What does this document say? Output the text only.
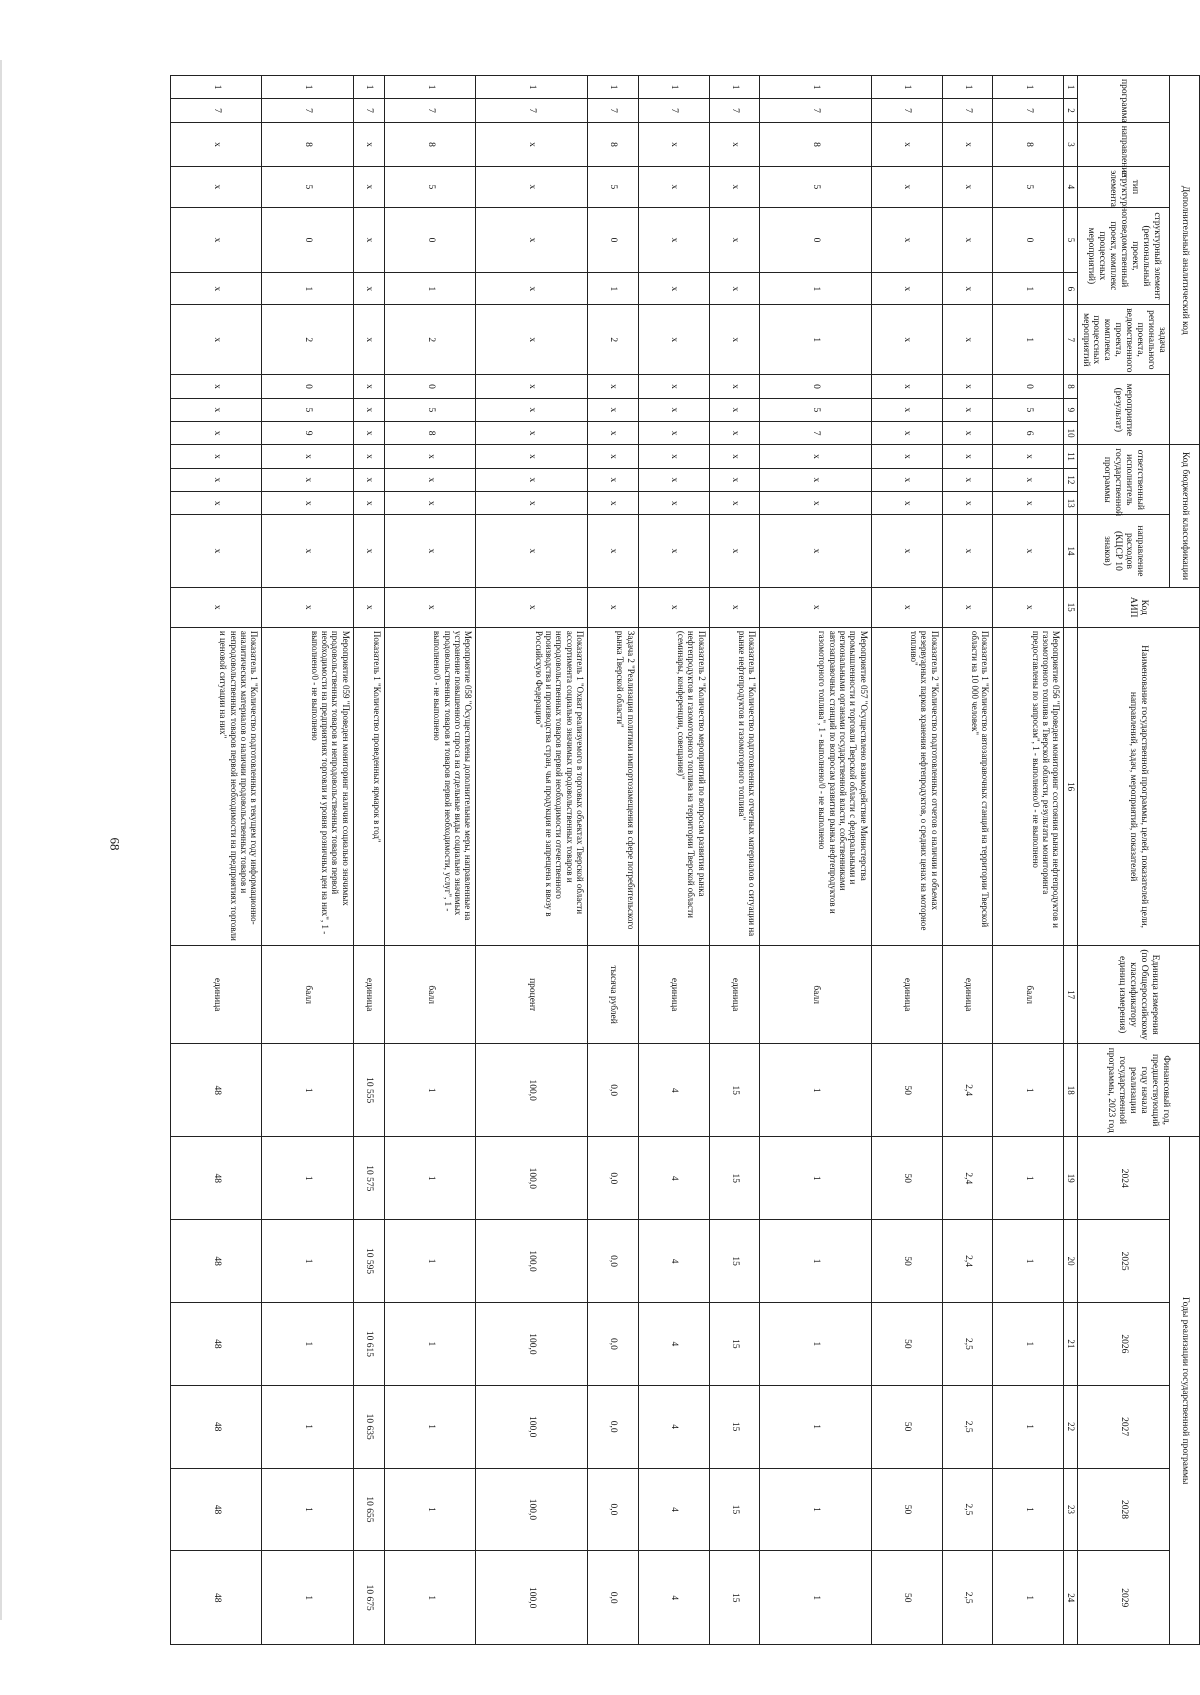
68
Дополнительный аналитический код										Код бюджетной классификации				Код АИП	Наименование государственной программы, целей, показателей цели, направлений, задач, мероприятий, показателей	Единица измерения (по Общероссийскому классификатору единиц измерения)	Финансовый год, предшествующий году начала реализации государственной программы, 2023 год	Годы реализации государственной программы					
программа		направление	тип структурного элемента	структурный элемент (региональный проект, ведомственный проект, комплекс процессных мероприятий)		задача регионального проекта, ведомственного проекта, комплекса процессных мероприятий	мероприятие (результат)			ответственный исполнитель государственной программы			направление расходов (КЦСР 10 знаков)					2024	2025	2026	2027	2028	2029

1	2	3	4	5	6	7	8	9	10	11	12	13	14	15	16	17	18	19	20	21	22	23	24
1	7	8	5	0	1	1	0	5	6	х	х	х	х	х	Мероприятие 056 "Проведен мониторинг состояния рынка нефтепродуктов и газомоторного топлива в Тверской области, результаты мониторинга предоставлены по запросам", 1 - выполнено/0 - не выполнено	балл	1	1	1	1	1	1	1
1	7	х	х	х	х	х	х	х	х	х	х	х	х	х	Показатель 1 "Количество автозаправочных станций на территории Тверской области на 10 000 человек"	единица	2,4	2,4	2,4	2,5	2,5	2,5	2,5
1	7	х	х	х	х	х	х	х	х	х	х	х	х	х	Показатель 2 "Количество подготовленных отчетов о наличии и объемах резервуарных парков хранения нефтепродуктов, о средних ценах на моторное топливо"	единица	50	50	50	50	50	50	50
1	7	8	5	0	1	1	0	5	7	х	х	х	х	х	Мероприятие 057 "Осуществлено взаимодействие Министерства промышленности и торговли Тверской области с федеральными и региональными органами государственной власти, собственниками автозаправочных станций по вопросам развития рынка нефтепродуктов и газомоторного топлива", 1 - выполнено/0 - не выполнено	балл	1	1	1	1	1	1	1
1	7	х	х	х	х	х	х	х	х	х	х	х	х	х	Показатель 1 "Количество подготовленных отчетных материалов о ситуации на рынке нефтепродуктов и газомоторного топлива"	единица	15	15	15	15	15	15	15
1	7	х	х	х	х	х	х	х	х	х	х	х	х	х	Показатель 2 "Количество мероприятий по вопросам развития рынка нефтепродуктов и газомоторного топлива на территории Тверской области (семинары, конференции, совещания)"	единица	4	4	4	4	4	4	4
1	7	8	5	0	1	2	х	х	х	х	х	х	х	х	Задача 2 "Реализация политики импортозамещения в сфере потребительского рынка Тверской области"	тысяча рублей	0,0	0,0	0,0	0,0	0,0	0,0	0,0
1	7	х	х	х	х	х	х	х	х	х	х	х	х	х	Показатель 1 "Охват реализуемого в торговых объектах Тверской области ассортимента социально значимых продовольственных товаров и непродовольственных товаров первой необходимости отечественного производства и производства стран, чья продукция не запрещена к ввозу в Российскую Федерацию"	процент	100,0	100,0	100,0	100,0	100,0	100,0	100,0
1	7	8	5	0	1	2	0	5	8	х	х	х	х	х	Мероприятие 058 "Осуществлены дополнительные меры, направленные на устранение повышенного спроса на отдельные виды социально значимых продовольственных товаров и товаров первой необходимости, услуг", 1 - выполнено/0 - не выполнено	балл	1	1	1	1	1	1	1
1	7	х	х	х	х	х	х	х	х	х	х	х	х	х	Показатель 1 "Количество проведенных ярмарок в год"	единица	10 555	10 575	10 595	10 615	10 635	10 655	10 675
1	7	8	5	0	1	2	0	5	9	х	х	х	х	х	Мероприятие 059 "Проведен мониторинг наличия социально значимых продовольственных товаров и непродовольственных товаров первой необходимости на предприятиях торговли и уровня розничных цен на них", 1 - выполнено/0 - не выполнено	балл	1	1	1	1	1	1	1
1	7	х	х	х	х	х	х	х	х	х	х	х	х	х	Показатель 1 "Количество подготовленных в текущем году информационно-аналитических материалов о наличии продовольственных товаров и непродовольственных товаров первой необходимости на предприятиях торговли и ценовой ситуации на них"	единица	48	48	48	48	48	48	48
